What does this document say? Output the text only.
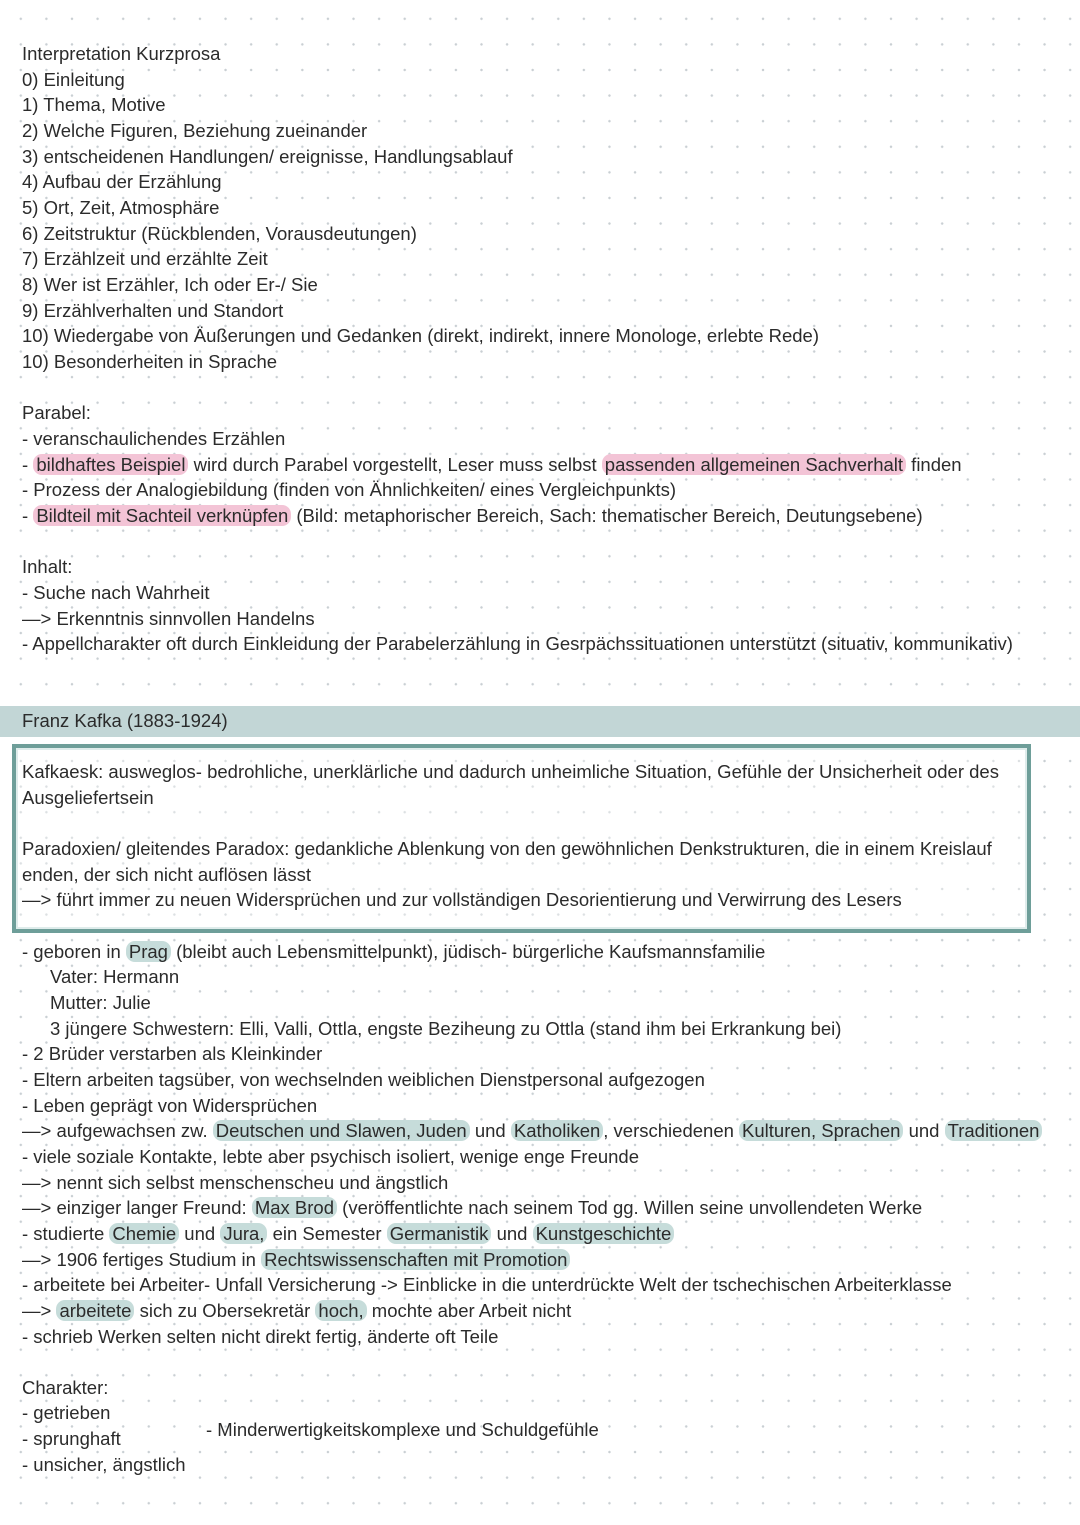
Interpretation Kurzprosa
0) Einleitung
1) Thema, Motive
2) Welche Figuren, Beziehung zueinander
3) entscheidenen Handlungen/ ereignisse, Handlungsablauf
4) Aufbau der Erzählung
5) Ort, Zeit, Atmosphäre
6) Zeitstruktur (Rückblenden, Vorausdeutungen)
7) Erzählzeit und erzählte Zeit
8) Wer ist Erzähler, Ich oder Er-/ Sie
9) Erzählverhalten und Standort
10) Wiedergabe von Äußerungen und Gedanken (direkt, indirekt, innere Monologe, erlebte Rede)
10) Besonderheiten in Sprache
Parabel:
- veranschaulichendes Erzählen
- bildhaftes Beispiel wird durch Parabel vorgestellt, Leser muss selbst passenden allgemeinen Sachverhalt finden
- Prozess der Analogiebildung (finden von Ähnlichkeiten/ eines Vergleichpunkts)
- Bildteil mit Sachteil verknüpfen (Bild: metaphorischer Bereich, Sach: thematischer Bereich, Deutungsebene)
Inhalt:
- Suche nach Wahrheit
—> Erkenntnis sinnvollen Handelns
- Appellcharakter oft durch Einkleidung der Parabelerzählung in Gesrpächssituationen unterstützt (situativ, kommunikativ)
Franz Kafka (1883-1924)
Kafkaesk: ausweglos- bedrohliche, unerklärliche und dadurch unheimliche Situation, Gefühle der Unsicherheit oder des
Ausgeliefertsein
Paradoxien/ gleitendes Paradox: gedankliche Ablenkung von den gewöhnlichen Denkstrukturen, die in einem Kreislauf
enden, der sich nicht auflösen lässt
—> führt immer zu neuen Widersprüchen und zur vollständigen Desorientierung und Verwirrung des Lesers
- geboren in Prag (bleibt auch Lebensmittelpunkt), jüdisch- bürgerliche Kaufsmannsfamilie
Vater: Hermann
Mutter: Julie
3 jüngere Schwestern: Elli, Valli, Ottla, engste Beziheung zu Ottla (stand ihm bei Erkrankung bei)
- 2 Brüder verstarben als Kleinkinder
- Eltern arbeiten tagsüber, von wechselnden weiblichen Dienstpersonal aufgezogen
- Leben geprägt von Widersprüchen
—> aufgewachsen zw. Deutschen und Slawen, Juden und Katholiken , verschiedenen Kulturen, Sprachen und Traditionen
- viele soziale Kontakte, lebte aber psychisch isoliert, wenige enge Freunde
—> nennt sich selbst menschenscheu und ängstlich
—> einziger langer Freund: Max Brod (veröffentlichte nach seinem Tod gg. Willen seine unvollendeten Werke
- studierte Chemie und Jura, ein Semester Germanistik und Kunstgeschichte
—> 1906 fertiges Studium in Rechtswissenschaften mit Promotion
- arbeitete bei Arbeiter- Unfall Versicherung -> Einblicke in die unterdrückte Welt der tschechischen Arbeiterklasse
—> arbeitete sich zu Obersekretär hoch, mochte aber Arbeit nicht
- schrieb Werken selten nicht direkt fertig, änderte oft Teile
Charakter:
- getrieben
- sprunghaft
- unsicher, ängstlich
- Minderwertigkeitskomplexe und Schuldgefühle
